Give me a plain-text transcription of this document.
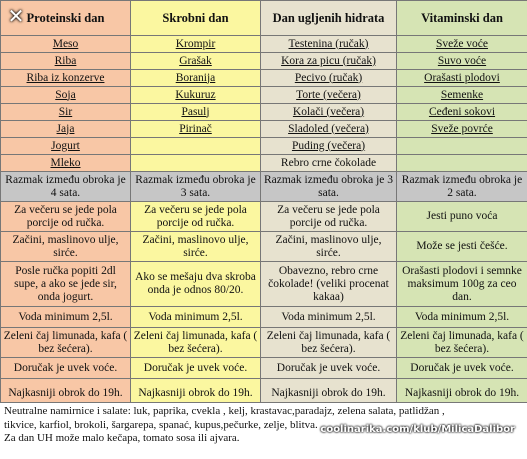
Proteinski dan	Skrobni dan	Dan ugljenih hidrata	Vitaminski dan
Meso	Krompir	Testenina (ručak)	Sveže voće
Riba	Grašak	Kora za picu (ručak)	Suvo voće
Riba iz konzerve	Boranija	Pecivo (ručak)	Orašasti plodovi
Soja	Kukuruz	Torte (večera)	Semenke
Sir	Pasulj	Kolači (večera)	Ceđeni sokovi
Jaja	Pirinač	Sladoled (večera)	Sveže povrće
Jogurt		Puding (večera)	
Mleko		Rebro crne čokolade	
Razmak između obroka je 4 sata.	Razmak između obroka je 3 sata.	Razmak između obroka je 3 sata.	Razmak između obroka je 2 sata.
Za večeru se jede pola porcije od ručka.	Za večeru se jede pola porcije od ručka.	Za večeru se jede pola porcije od ručka.	Jesti puno voća
Začini, maslinovo ulje, sirće.	Začini, maslinovo ulje, sirće.	Začini, maslinovo ulje, sirće.	Može se jesti češće.
Posle ručka popiti 2dl supe, a ako se jede sir, onda jogurt.	Ako se mešaju dva skroba onda je odnos 80/20.	Obavezno, rebro crne čokolade! (veliki procenat kakaa)	Orašasti plodovi i semnke maksimum 100g za ceo dan.
Voda minimum 2,5l.	Voda minimum 2,5l.	Voda minimum 2,5l.	Voda minimum 2,5l.
Zeleni čaj limunada, kafa ( bez šećera).	Zeleni čaj limunada, kafa ( bez šećera).	Zeleni čaj limunada, kafa ( bez šećera).	Zeleni čaj limunada, kafa ( bez šećera).
Doručak je uvek voće.	Doručak je uvek voće.	Doručak je uvek voće.	Doručak je uvek voće.
Najkasniji obrok do 19h.	Najkasniji obrok do 19h.	Najkasniji obrok do 19h.	Najkasniji obrok do 19h.
Neutralne namirnice i salate: luk, paprika, cvekla , kelj, krastavac,paradajz, zelena salata, patlidžan ,
tikvice, karfiol, brokoli, šargarepa, spanać, kupus,pečurke, zelje, blitva.
Za dan UH može malo kečapa, tomato sosa ili ajvara.
coolinarika.com/klub/MilicaDalibor
✕
